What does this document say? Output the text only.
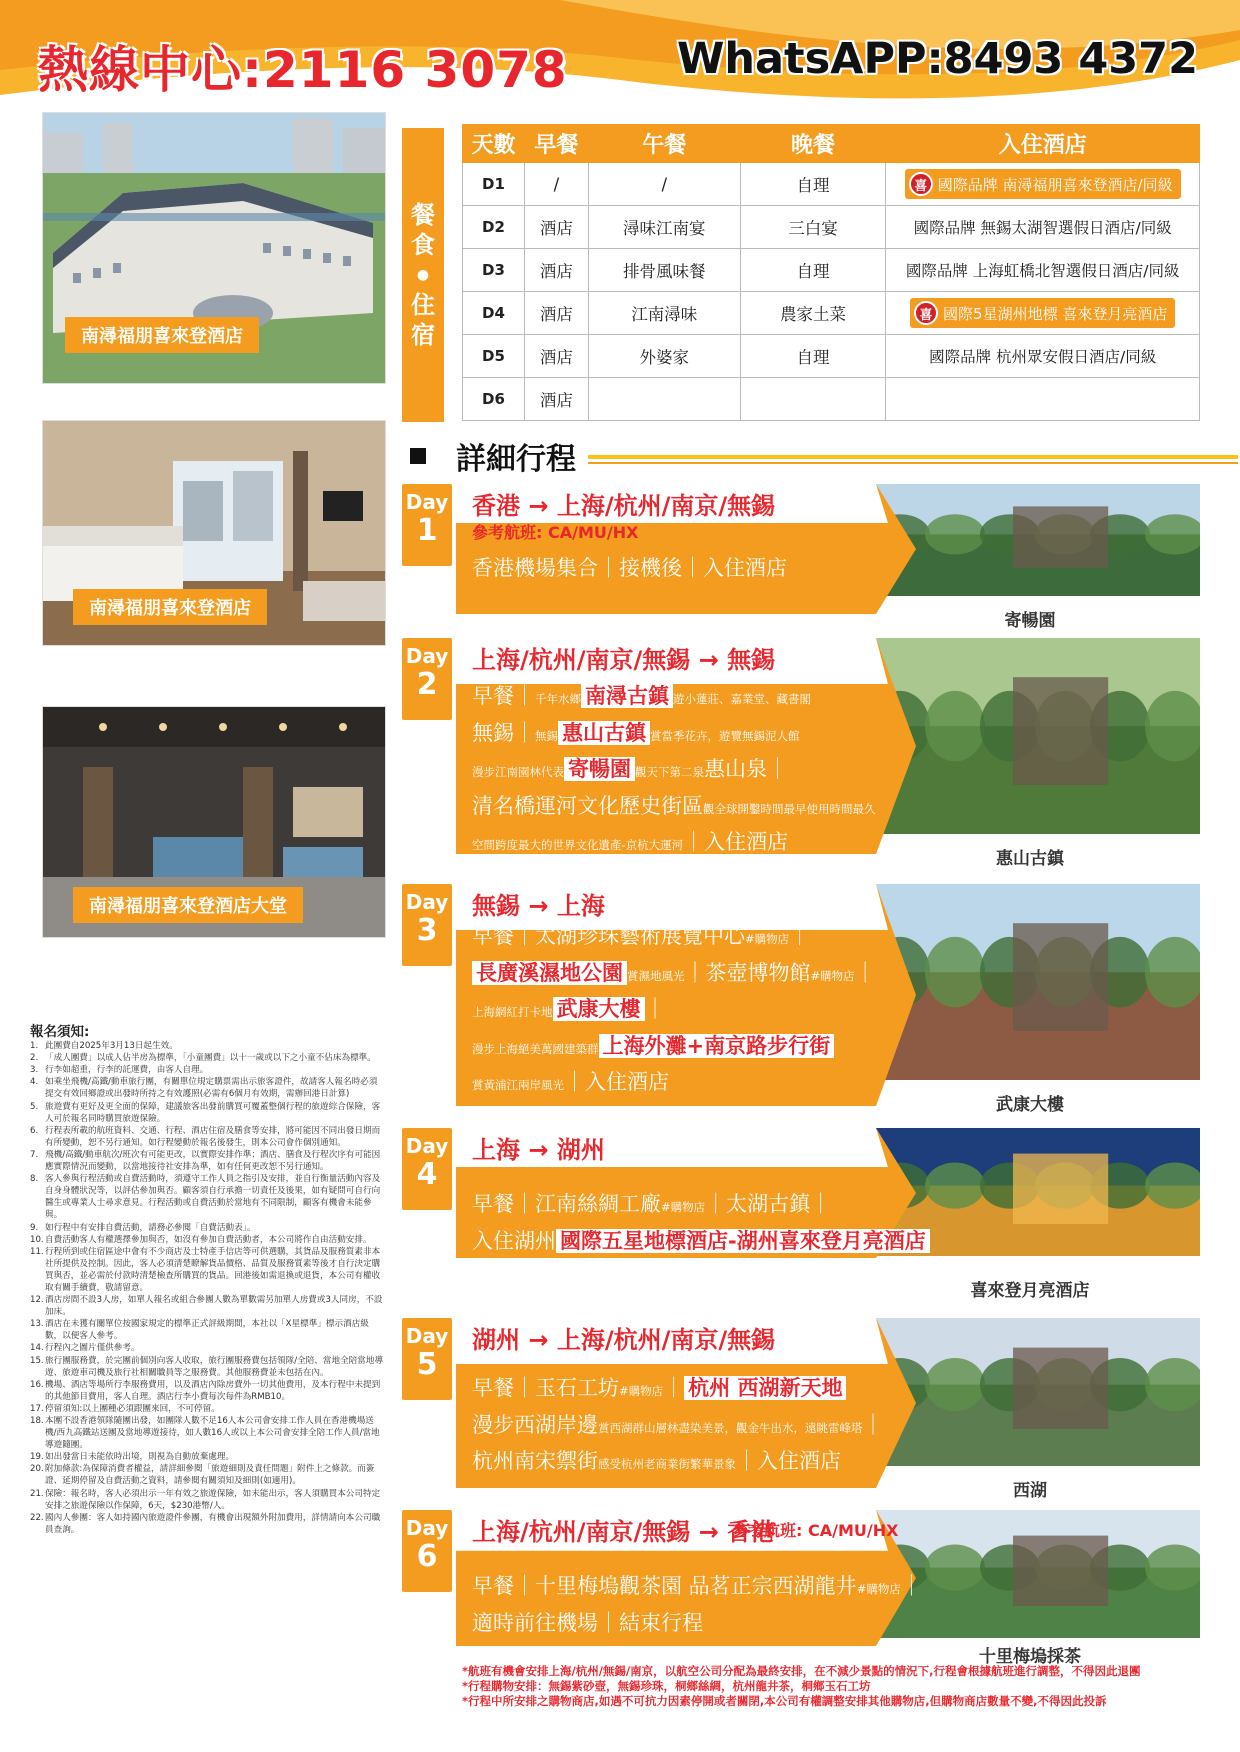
熱線中心:2116 3078	WhatsAPP:8493 4372
南潯福朋喜來登酒店
南潯福朋喜來登酒店
南潯福朋喜來登酒店大堂
報名須知:
1. 此團費自2025年3月13日起生效。
2. 「成人團費」以成人佔半房為標準，「小童團費」以十一歲或以下之小童不佔床為標準。
3. 行李如超重，行李的託運費，由客人自理。
4. 如乘坐飛機/高鐵/動車旅行團，有關單位規定購票需出示旅客證件，故請客人報名時必須提交有效回鄉證或出發時所持之有效護照(必需有6個月有效期，需辦回港日計算)
5. 旅遊費有更好及更全面的保障，建議旅客出發前購買可覆蓋整個行程的旅遊綜合保險，客人可於報名同時購買旅遊保險。
6. 行程表所載的航班資料、交通、行程、酒店住宿及膳食等安排，將可能因不同出發日期而有所變動，恕不另行通知。如行程變動於報名後發生，則本公司會作個別通知。
7. 飛機/高鐵/動車航次/班次有可能更改，以實際安排作準；酒店、膳食及行程次序有可能因應實際情況而變動，以當地接待社安排為準，如有任何更改恕不另行通知。
8. 客人參與行程活動或自費活動時，須遵守工作人員之指引及安排，並自行衡量活動內容及自身身體狀況等，以評估參加與否。顧客須自行承擔一切責任及後果，如有疑問可自行向醫生或專業人士尋求意見。行程活動或自費活動於當地有不同限制，顧客有機會未能參與。
9. 如行程中有安排自費活動，請務必參閱「自費活動表」。
10. 自費活動客人有權選擇參加與否，如沒有參加自費活動者，本公司將作自由活動安排。
11. 行程所到或住宿區途中會有不少商店及士特產手信店等可供選購，其貨品及服務質素非本社所提供及控制。因此，客人必須清楚瞭解貨品價格、品質及服務質素等後才自行決定購買與否，並必需於付款時清楚檢查所購買的貨品。回港後如需退換或退貨，本公司有權收取有關手續費，敬請留意。
12. 酒店房間不設3人房，如單人報名或組合參團人數為單數需另加單人房費或3人同房，不設加床。
13. 酒店在未獲有關單位按國家規定的標準正式評級期間，本社以「X星標準」標示酒店級數，以便客人參考。
14. 行程內之圖片僅供參考。
15. 旅行團服務費，於完團前個別向客人收取，旅行團服務費包括領隊/全陪、當地全陪當地導遊、旅遊車司機及旅行社相關職員等之服務費。其他服務費並未包括在內。
16. 機場、酒店等場所行李服務費用，以及酒店內除房費外一切其他費用，及本行程中未提到的其他節目費用，客人自理。酒店行李小費每次每件為RMB10。
17. 停留須知:以上團種必須跟團來回，不可停留。
18. 本團不設香港領隊隨團出發，如團隊人數不足16人本公司會安排工作人員在香港機場送機/西九高鐵站送團及當地導遊接待，如人數16人或以上本公司會安排全陪工作人員/當地導遊隨團。
19. 如出發當日未能依時出境，則視為自動放棄處理。
20. 附加條款:為保障消費者權益，請詳細參閱「旅遊細則及責任問題」附件上之條款。而簽證、延期停留及自費活動之資料，請參閱有關須知及細則(如適用)。
21. 保險：報名時，客人必須出示一年有效之旅遊保險，如未能出示，客人須購買本公司特定安排之旅遊保險以作保障，6天，$230港幣/人。
22. 國內人參團：客人如持國內旅遊證件參團，有機會出現額外附加費用，詳情請向本公司職員查詢。
餐
食
●
住
宿
天數	早餐	午餐	晚餐	入住酒店
D1	/	/	自理	喜 國際品牌 南潯福朋喜來登酒店/同級

D2	酒店	潯味江南宴	三白宴	國際品牌 無錫太湖智選假日酒店/同級
D3	酒店	排骨風味餐	自理	國際品牌 上海虹橋北智選假日酒店/同級
D4	酒店	江南潯味	農家土菜	喜 國際5星湖州地標 喜來登月亮酒店

D5	酒店	外婆家	自理	國際品牌 杭州眾安假日酒店/同級
D6	酒店			
詳細行程
Day
1
香港 → 上海/杭州/南京/無錫
參考航班: CA/MU/HX
香港機場集合｜接機後｜入住酒店
寄暢園
Day
2
上海/杭州/南京/無錫 → 無錫
早餐｜千年水鄉 南潯古鎮 遊小蓮莊、嘉業堂、藏書閣
無錫｜無錫 惠山古鎮 賞當季花卉，遊覽無錫泥人館
漫步江南園林代表 寄暢園 觀天下第二泉惠山泉｜
清名橋運河文化歷史街區觀全球開鑿時間最早使用時間最久
空間跨度最大的世界文化遺產-京杭大運河｜入住酒店
惠山古鎮
Day
3
無錫 → 上海
早餐｜太湖珍珠藝術展覽中心#購物店｜
長廣溪濕地公園 賞濕地風光｜茶壺博物館#購物店｜
上海網紅打卡地 武康大樓 ｜
漫步上海絕美萬國建築群 上海外灘+南京路步行街
賞黃浦江兩岸風光｜入住酒店
武康大樓
Day
4
上海 → 湖州
早餐｜江南絲綢工廠#購物店｜太湖古鎮｜
入住湖州 國際五星地標酒店-湖州喜來登月亮酒店
可自由漫步太湖岸邊，賞太湖風光
喜來登月亮酒店
Day
5
湖州 → 上海/杭州/南京/無錫
早餐｜玉石工坊#購物店｜ 杭州 西湖新天地
漫步西湖岸邊賞西湖群山層林盡染美景，觀金牛出水，遠眺雷峰塔｜
杭州南宋禦街感受杭州老商業街繁華景象｜入住酒店
西湖
Day
6
上海/杭州/南京/無錫 → 香港
參考航班: CA/MU/HX
早餐｜十里梅塢觀茶園 品茗正宗西湖龍井#購物店｜
適時前往機場｜結束行程
十里梅塢採茶
*航班有機會安排上海/杭州/無錫/南京，以航空公司分配為最終安排，在不減少景點的情況下,行程會根據航班進行調整，不得因此退團
*行程購物安排：無錫紫砂壺，無錫珍珠，桐鄉絲綢，杭州龍井茶，桐鄉玉石工坊
*行程中所安排之購物商店,如遇不可抗力因素停開或者關閉,本公司有權調整安排其他購物店,但購物商店數量不變,不得因此投訴
